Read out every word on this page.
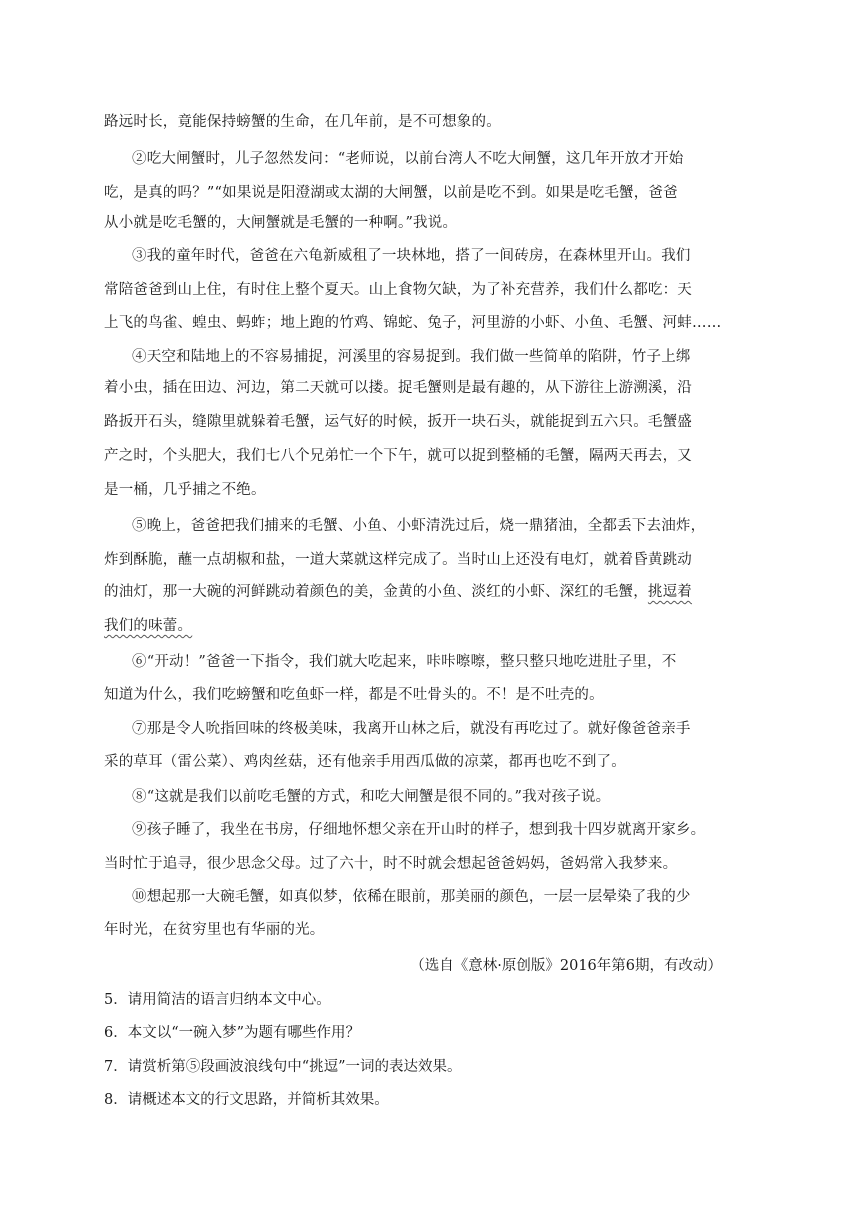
路远时长，竟能保持螃蟹的生命，在几年前，是不可想象的。
②吃大闸蟹时，儿子忽然发问：“老师说，以前台湾人不吃大闸蟹，这几年开放才开始
吃，是真的吗？”“如果说是阳澄湖或太湖的大闸蟹，以前是吃不到。如果是吃毛蟹，爸爸
从小就是吃毛蟹的，大闸蟹就是毛蟹的一种啊。”我说。
③我的童年时代，爸爸在六龟新威租了一块林地，搭了一间砖房，在森林里开山。我们
常陪爸爸到山上住，有时住上整个夏天。山上食物欠缺，为了补充营养，我们什么都吃：天
上飞的鸟雀、蝗虫、蚂蚱；地上跑的竹鸡、锦蛇、兔子，河里游的小虾、小鱼、毛蟹、河蚌……
④天空和陆地上的不容易捕捉，河溪里的容易捉到。我们做一些简单的陷阱，竹子上绑
着小虫，插在田边、河边，第二天就可以搂。捉毛蟹则是最有趣的，从下游往上游溯溪，沿
路扳开石头，缝隙里就躲着毛蟹，运气好的时候，扳开一块石头，就能捉到五六只。毛蟹盛
产之时，个头肥大，我们七八个兄弟忙一个下午，就可以捉到整桶的毛蟹，隔两天再去，又
是一桶，几乎捕之不绝。
⑤晚上，爸爸把我们捕来的毛蟹、小鱼、小虾清洗过后，烧一鼎猪油，全都丢下去油炸，
炸到酥脆，蘸一点胡椒和盐，一道大菜就这样完成了。当时山上还没有电灯，就着昏黄跳动
的油灯，那一大碗的河鲜跳动着颜色的美，金黄的小鱼、淡红的小虾、深红的毛蟹，挑逗着
我们的味蕾。
⑥“开动！”爸爸一下指令，我们就大吃起来，咔咔嚓嚓，整只整只地吃进肚子里，不
知道为什么，我们吃螃蟹和吃鱼虾一样，都是不吐骨头的。不！是不吐壳的。
⑦那是令人吮指回味的终极美味，我离开山林之后，就没有再吃过了。就好像爸爸亲手
采的草耳（雷公菜）、鸡肉丝菇，还有他亲手用西瓜做的凉菜，都再也吃不到了。
⑧“这就是我们以前吃毛蟹的方式，和吃大闸蟹是很不同的。”我对孩子说。
⑨孩子睡了，我坐在书房，仔细地怀想父亲在开山时的样子，想到我十四岁就离开家乡。
当时忙于追寻，很少思念父母。过了六十，时不时就会想起爸爸妈妈，爸妈常入我梦来。
⑩想起那一大碗毛蟹，如真似梦，依稀在眼前，那美丽的颜色，一层一层晕染了我的少
年时光，在贫穷里也有华丽的光。
（选自《意林·原创版》2016年第6期，有改动）
5．请用简洁的语言归纳本文中心。
6．本文以“一碗入梦”为题有哪些作用？
7．请赏析第⑤段画波浪线句中“挑逗”一词的表达效果。
8．请概述本文的行文思路，并简析其效果。
